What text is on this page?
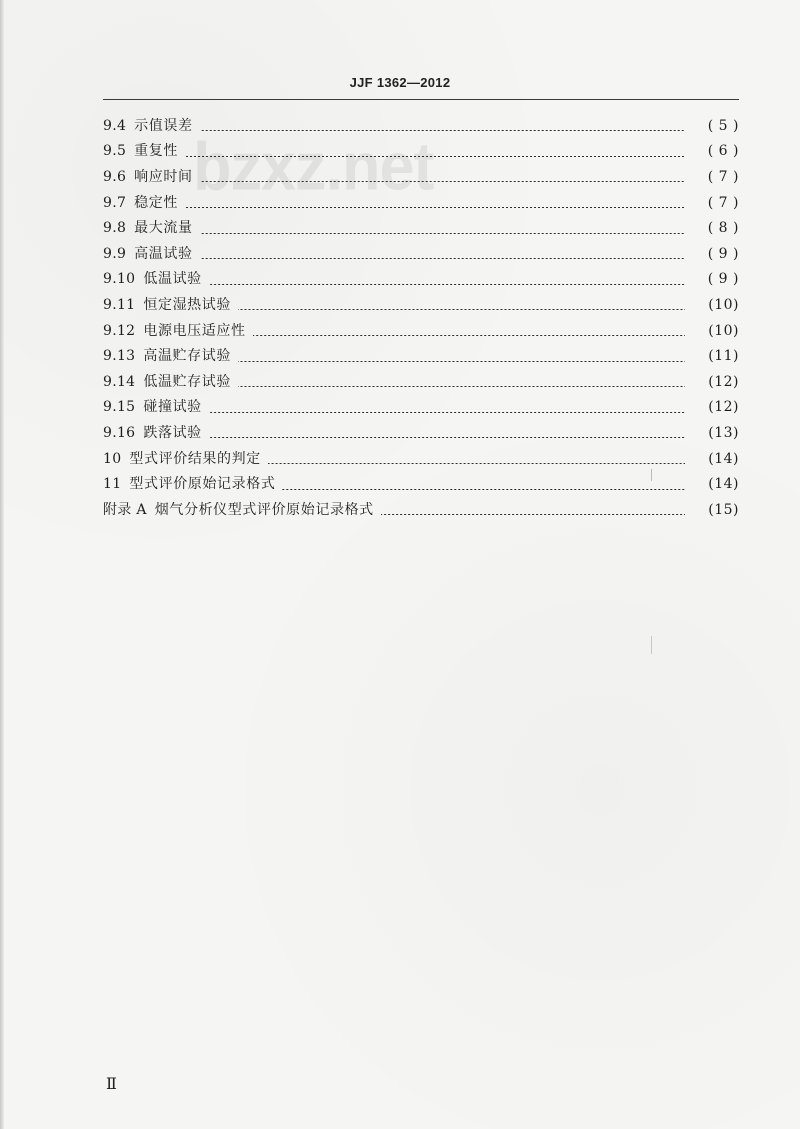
JJF 1362—2012
bzxz.net
9.4 示值误差	( 5 )
9.5 重复性	( 6 )
9.6 响应时间	( 7 )
9.7 稳定性	( 7 )
9.8 最大流量	( 8 )
9.9 高温试验	( 9 )
9.10 低温试验	( 9 )
9.11 恒定湿热试验	(10)
9.12 电源电压适应性	(10)
9.13 高温贮存试验	(11)
9.14 低温贮存试验	(12)
9.15 碰撞试验	(12)
9.16 跌落试验	(13)
10 型式评价结果的判定	(14)
11 型式评价原始记录格式	(14)
附录 A 烟气分析仪型式评价原始记录格式	(15)
Ⅱ
